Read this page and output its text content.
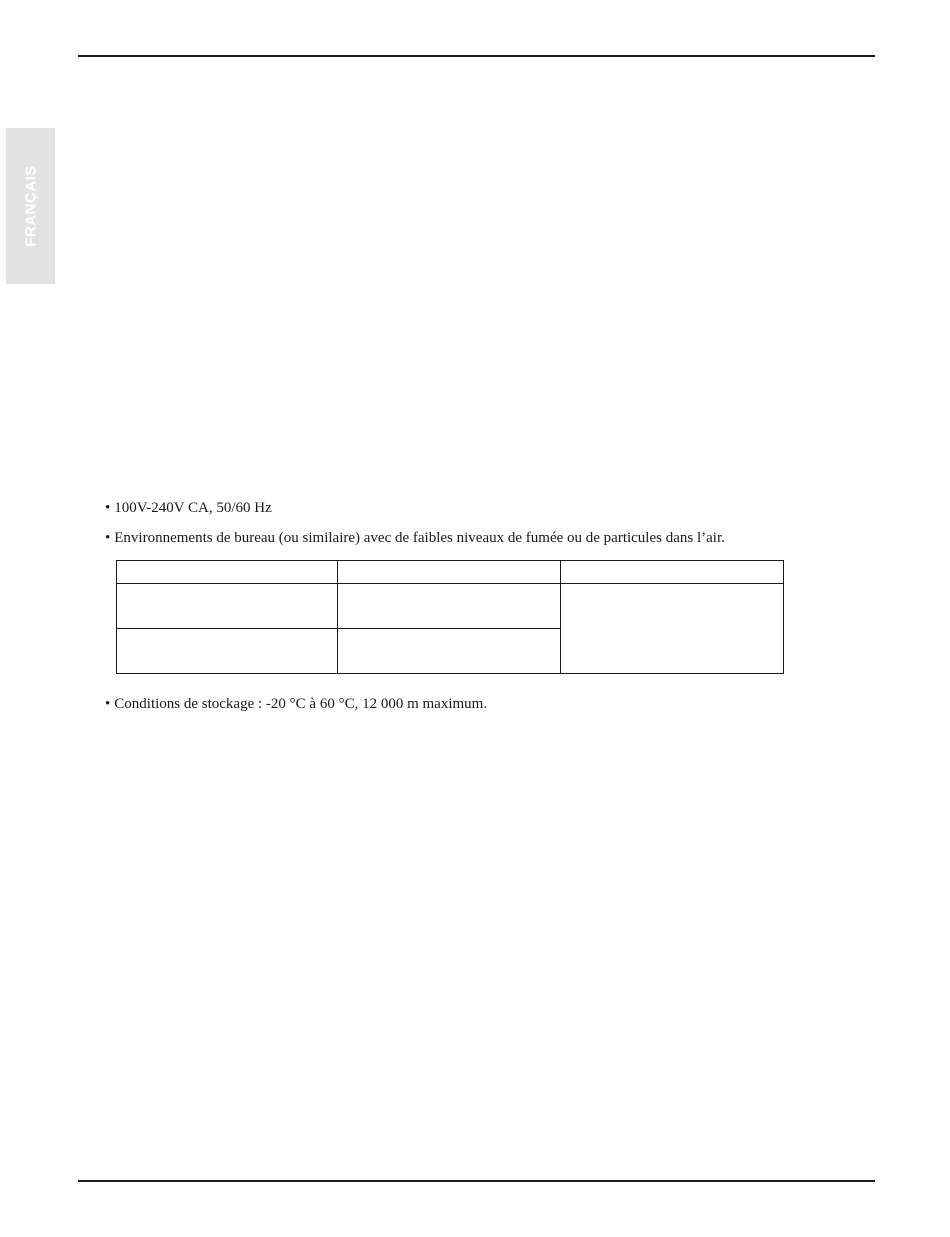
FRANÇAIS
• 100V-240V CA, 50/60 Hz
• Environnements de bureau (ou similaire) avec de faibles niveaux de fumée ou de particules dans l’air.

• Conditions de stockage : -20 °C à 60 °C, 12 000 m maximum.
